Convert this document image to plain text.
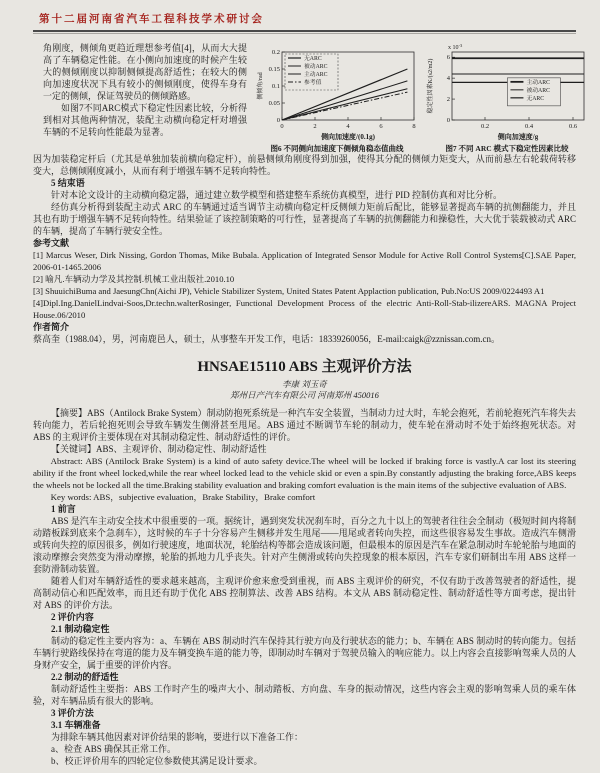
第十二届河南省汽车工程科技学术研讨会
角刚度，侧倾角更趋近理想参考值[4]，从而大大提高了车辆稳定性能。在小侧向加速度的时候产生较大的侧倾刚度以抑制侧倾提高舒适性；在较大的侧向加速度状况下具有较小的侧倾刚度，使得车身有一定的侧倾，保证驾驶员的侧倾路感。
如图7不同ARC模式下稳定性因素比较，分析得到相对其他两种情况，装配主动横向稳定杆对增强车辆的不足转向性能最为显著。
0	2	4	6	8
0
0.05
0.1
0.15
0.2
侧向加速度/(0.1g)
侧倾角/rad
无ARC
被动ARC
主动ARC
参考值
图6 不同侧向加速度下侧倾角稳态值曲线
0.2	0.4	0.6
0
2
4
6
侧向加速度/g
稳定性因素K/(s2/m2)
x $10^{-3}$
主动ARC
被动ARC
无ARC
图7 不同 ARC 模式下稳定性因素比较
因为加装稳定杆后（尤其是单独加装前横向稳定杆），前悬侧倾角刚度得到加强，使得其分配的侧倾力矩变大，从而前悬左右轮载荷转移变大，总侧倾刚度减小，从而有利于增强车辆不足转向特性。
5 结束语
针对本论文设计的主动横向稳定器，通过建立数学模型和搭建整车系统仿真模型，进行 PID 控制仿真和对比分析。
经仿真分析得到装配主动式 ARC 的车辆通过适当调节主动横向稳定杆反侧倾力矩前后配比，能够显著提高车辆的抗侧翻能力，并且其也有助于增强车辆不足转向特性。结果验证了该控制策略的可行性，显著提高了车辆的抗侧翻能力和操稳性，大大优于装载被动式 ARC 的车辆，提高了车辆行驶安全性。
参考文献
[1] Marcus Weser, Dirk Nissing, Gordon Thomas, Mike Bubala. Application of Integrated Sensor Module for Active Roll Control Systems[C].SAE Paper, 2006-01-1465.2006
[2] 喻凡.车辆动力学及其控制.机械工业出版社.2010.10
[3] ShuuichiBuma and JaesungChn(Aichi JP), Vehicle Stabilizer System, United States Patent Applaction publication, Pub.No:US 2009/0224493 A1
[4]Dipl.Ing.DanielLindvai-Soos,Dr.techn.walterRosinger, Functional Development Process of the electric Anti-Roll-Stab-ilizereARS. MAGNA Project House.06/2010
作者简介
蔡高奎（1988.04），男，河南鹿邑人，硕士，从事整车开发工作，电话：18339260056，E-mail:caigk@zznissan.com.cn。
HNSAE15110 ABS 主观评价方法
李康 刘玉奇
郑州日产汽车有限公司 河南郑州 450016
【摘要】ABS（Antilock Brake System）制动防抱死系统是一种汽车安全装置，当制动力过大时，车轮会抱死，若前轮抱死汽车将失去转向能力，若后轮抱死则会导致车辆发生侧滑甚至甩尾。ABS 通过不断调节车轮的制动力，使车轮在滑动时不处于始终抱死状态。对 ABS 的主观评价主要体现在对其制动稳定性、制动舒适性的评价。
【关键词】ABS、主观评价、制动稳定性、制动舒适性
Abstract: ABS (Antilock Brake System) is a kind of auto safety device.The wheel will be locked if braking force is vastly.A car lost its steering ability if the front wheel locked,while the rear wheel locked lead to the vehicle skid or even a spin.By constantly adjusting the braking force,ABS keeps the wheels not be locked all the time.Braking stability evaluation and braking comfort evaluation is the main items of the subjective evaluation of ABS.
Key words: ABS，subjective evaluation，Brake Stability，Brake comfort
1 前言
ABS 是汽车主动安全技术中很重要的一项。据统计，遇到突发状况刹车时，百分之九十以上的驾驶者往往会全制动（极短时间内将制动踏板踩到底来个急刹车），这时候的车子十分容易产生侧移并发生甩尾——甩尾或者转向失控，而这些很容易发生事故。造成汽车侧滑或转向失控的原因很多，例如行驶速度，地面状况，轮胎结构等都会造成该问题，但最根本的原因是汽车在紧急制动时车轮轮胎与地面的滚动摩擦会突然变为滑动摩擦，轮胎的抓地力几乎丧失。针对产生侧滑或转向失控现象的根本原因，汽车专家们研制出车用 ABS 这样一套防滑制动装置。
随着人们对车辆舒适性的要求越来越高，主观评价愈来愈受到重视，而 ABS 主观评价的研究，不仅有助于改善驾驶者的舒适性，提高制动信心和匹配效率，而且还有助于优化 ABS 控制算法、改善 ABS 结构。本文从 ABS 制动稳定性、制动舒适性等方面考虑，提出针对 ABS 的评价方法。
2 评价内容
2.1 制动稳定性
制动的稳定性主要内容为：a、车辆在 ABS 制动时汽车保持其行驶方向及行驶状态的能力；b、车辆在 ABS 制动时的转向能力。包括车辆行驶路线保持在弯道的能力及车辆变换车道的能力等，即制动时车辆对于驾驶员输入的响应能力。以上内容会直接影响驾乘人员的人身财产安全，属于重要的评价内容。
2.2 制动的舒适性
制动舒适性主要指：ABS 工作时产生的噪声大小、制动踏板、方向盘、车身的振动情况，这些内容会主观的影响驾乘人员的乘车体验，对车辆品质有很大的影响。
3 评价方法
3.1 车辆准备
为排除车辆其他因素对评价结果的影响，要进行以下准备工作：
a、检查 ABS 确保其正常工作。
b、校正评价用车的四轮定位参数使其满足设计要求。
